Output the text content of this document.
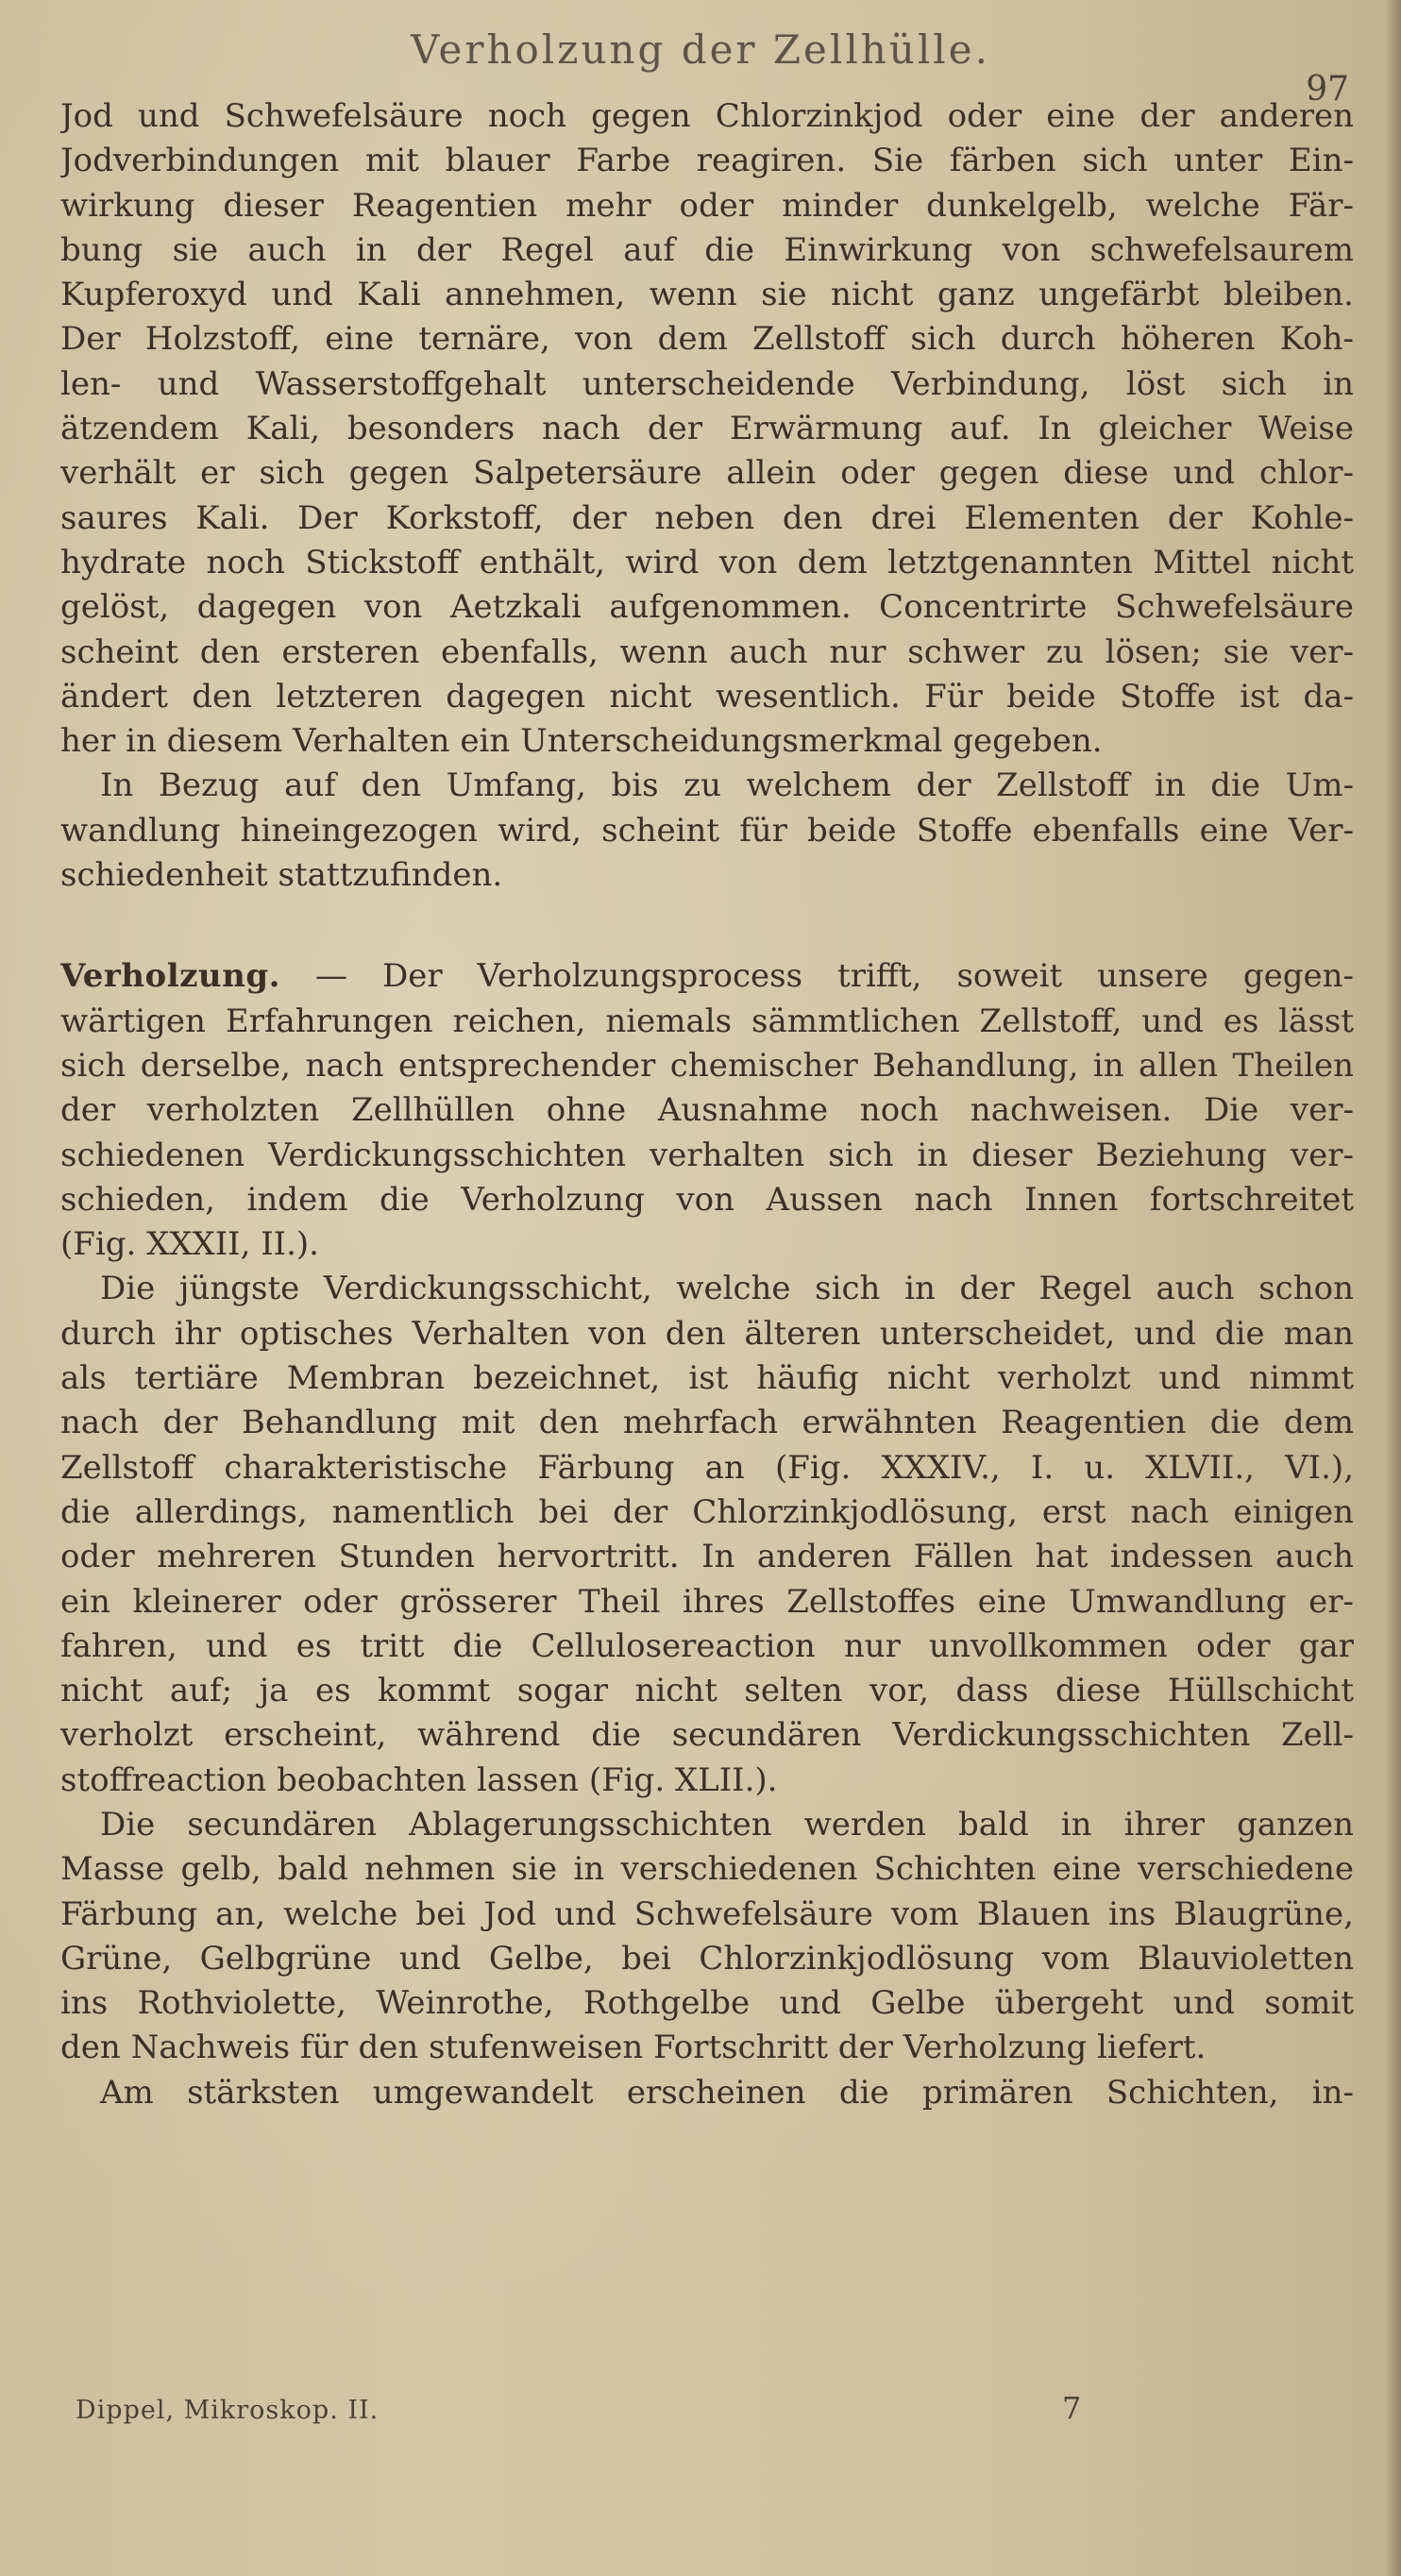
Verholzung der Zellhülle.
97
Jod und Schwefelsäure noch gegen Chlorzinkjod oder eine der anderen
Jodverbindungen mit blauer Farbe reagiren. Sie färben sich unter Ein-
wirkung dieser Reagentien mehr oder minder dunkelgelb, welche Fär-
bung sie auch in der Regel auf die Einwirkung von schwefelsaurem
Kupferoxyd und Kali annehmen, wenn sie nicht ganz ungefärbt bleiben.
Der Holzstoff, eine ternäre, von dem Zellstoff sich durch höheren Koh-
len- und Wasserstoffgehalt unterscheidende Verbindung, löst sich in
ätzendem Kali, besonders nach der Erwärmung auf. In gleicher Weise
verhält er sich gegen Salpetersäure allein oder gegen diese und chlor-
saures Kali. Der Korkstoff, der neben den drei Elementen der Kohle-
hydrate noch Stickstoff enthält, wird von dem letztgenannten Mittel nicht
gelöst, dagegen von Aetzkali aufgenommen. Concentrirte Schwefelsäure
scheint den ersteren ebenfalls, wenn auch nur schwer zu lösen; sie ver-
ändert den letzteren dagegen nicht wesentlich. Für beide Stoffe ist da-
her in diesem Verhalten ein Unterscheidungsmerkmal gegeben.
In Bezug auf den Umfang, bis zu welchem der Zellstoff in die Um-
wandlung hineingezogen wird, scheint für beide Stoffe ebenfalls eine Ver-
schiedenheit stattzufinden.
Verholzung. — Der Verholzungsprocess trifft, soweit unsere gegen-
wärtigen Erfahrungen reichen, niemals sämmtlichen Zellstoff, und es lässt
sich derselbe, nach entsprechender chemischer Behandlung, in allen Theilen
der verholzten Zellhüllen ohne Ausnahme noch nachweisen. Die ver-
schiedenen Verdickungsschichten verhalten sich in dieser Beziehung ver-
schieden, indem die Verholzung von Aussen nach Innen fortschreitet
(Fig. XXXII, II.).
Die jüngste Verdickungsschicht, welche sich in der Regel auch schon
durch ihr optisches Verhalten von den älteren unterscheidet, und die man
als tertiäre Membran bezeichnet, ist häufig nicht verholzt und nimmt
nach der Behandlung mit den mehrfach erwähnten Reagentien die dem
Zellstoff charakteristische Färbung an (Fig. XXXIV., I. u. XLVII., VI.),
die allerdings, namentlich bei der Chlorzinkjodlösung, erst nach einigen
oder mehreren Stunden hervortritt. In anderen Fällen hat indessen auch
ein kleinerer oder grösserer Theil ihres Zellstoffes eine Umwandlung er-
fahren, und es tritt die Cellulosereaction nur unvollkommen oder gar
nicht auf; ja es kommt sogar nicht selten vor, dass diese Hüllschicht
verholzt erscheint, während die secundären Verdickungsschichten Zell-
stoffreaction beobachten lassen (Fig. XLII.).
Die secundären Ablagerungsschichten werden bald in ihrer ganzen
Masse gelb, bald nehmen sie in verschiedenen Schichten eine verschiedene
Färbung an, welche bei Jod und Schwefelsäure vom Blauen ins Blaugrüne,
Grüne, Gelbgrüne und Gelbe, bei Chlorzinkjodlösung vom Blauvioletten
ins Rothviolette, Weinrothe, Rothgelbe und Gelbe übergeht und somit
den Nachweis für den stufenweisen Fortschritt der Verholzung liefert.
Am stärksten umgewandelt erscheinen die primären Schichten, in-
Dippel, Mikroskop. II.	7
